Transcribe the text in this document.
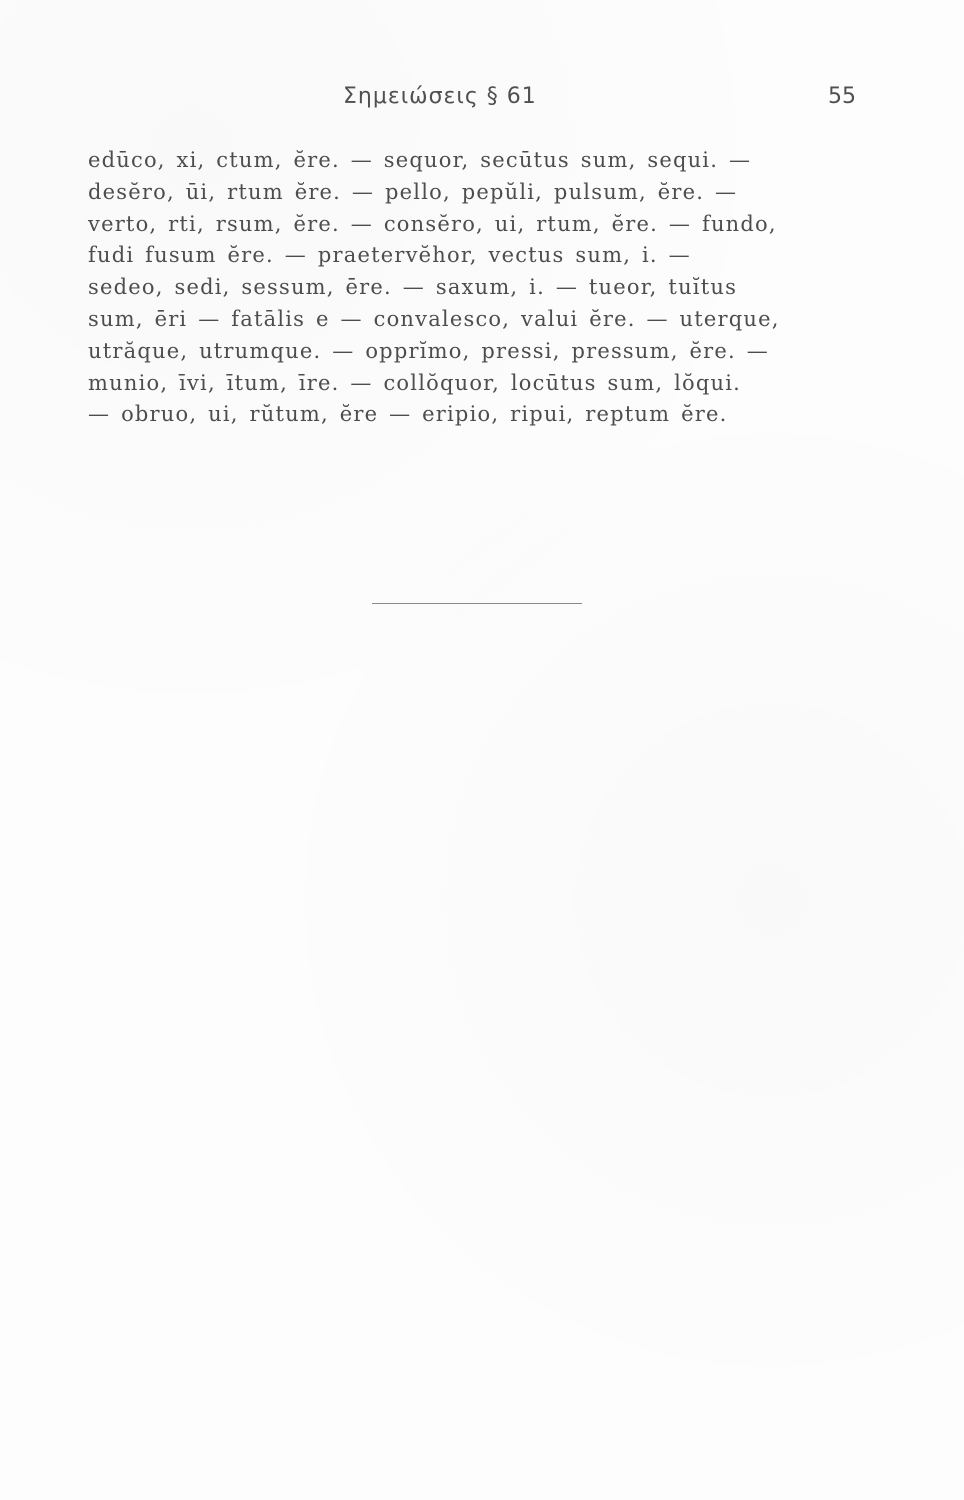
Σημειώσεις § 61	55
edūco, xi, ctum, ĕre. — sequor, secūtus sum, sequi. —
desĕro, ūi, rtum ĕre. — pello, pepŭli, pulsum, ĕre. —
verto, rti, rsum, ĕre. — consĕro, ui, rtum, ĕre. — fundo,
fudi fusum ĕre. — praetervĕhor, vectus sum, i. —
sedeo, sedi, sessum, ēre. — saxum, i. — tueor, tuĭtus
sum, ēri — fatālis e — convalesco, valui ĕre. — uterque,
utrăque, utrumque. — opprĭmo, pressi, pressum, ĕre. —
munio, īvi, ītum, īre. — collŏquor, locūtus sum, lŏqui.
— obruo, ui, rŭtum, ĕre — eripio, ripui, reptum ĕre.
